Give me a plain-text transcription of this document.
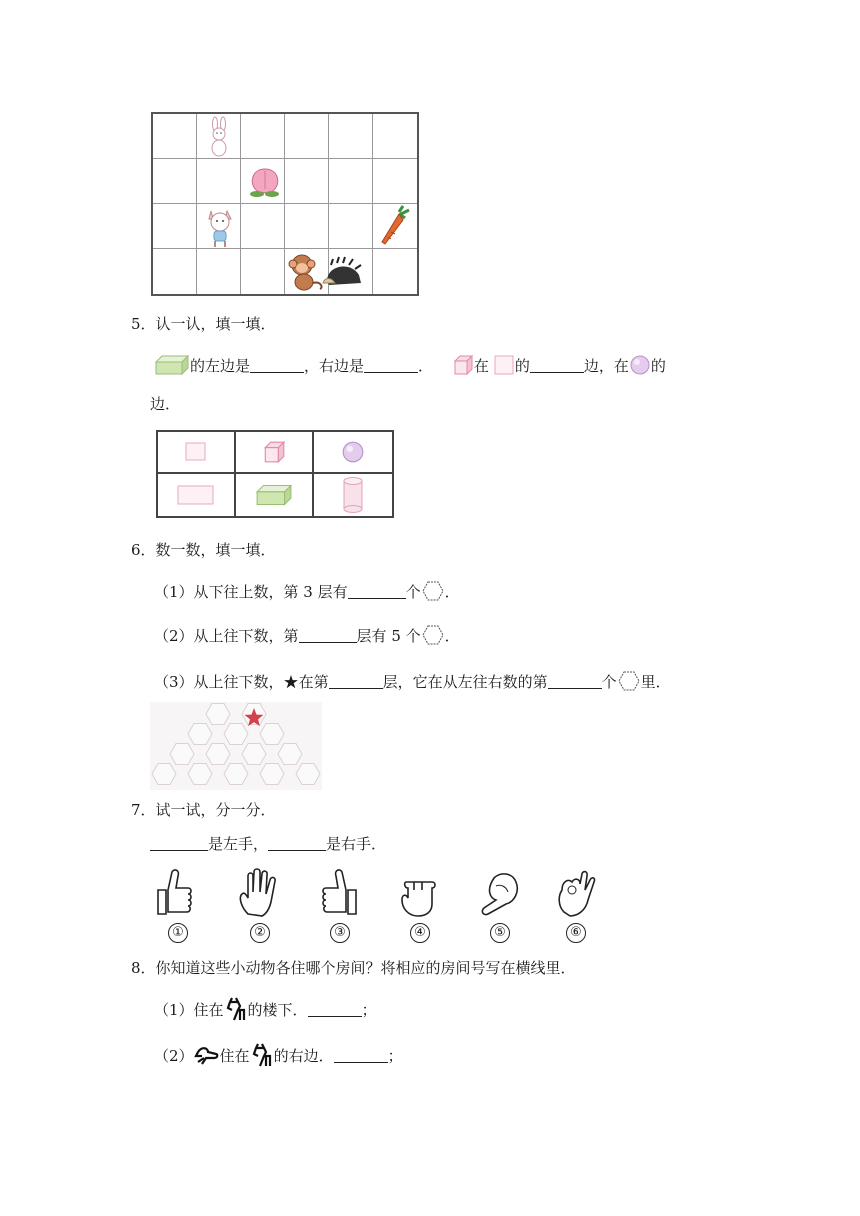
5．认一认，填一填．
的左边是	，右边是	．	在 的	边，在 的
边．
6．数一数，填一填．
（1）从下往上数，第 3 层有	个 ．
（2）从上往下数，第	层有 5 个 ．
（3）从上往下数，★在第	层，它在从左往右数的第	个 里．
7．试一试，分一分．
是左手，	是右手．
①	②	③	④	⑤	⑥
8．你知道这些小动物各住哪个房间？将相应的房间号写在横线里．
（1）住在 的楼下．	；
（2） 住在 的右边．	；
